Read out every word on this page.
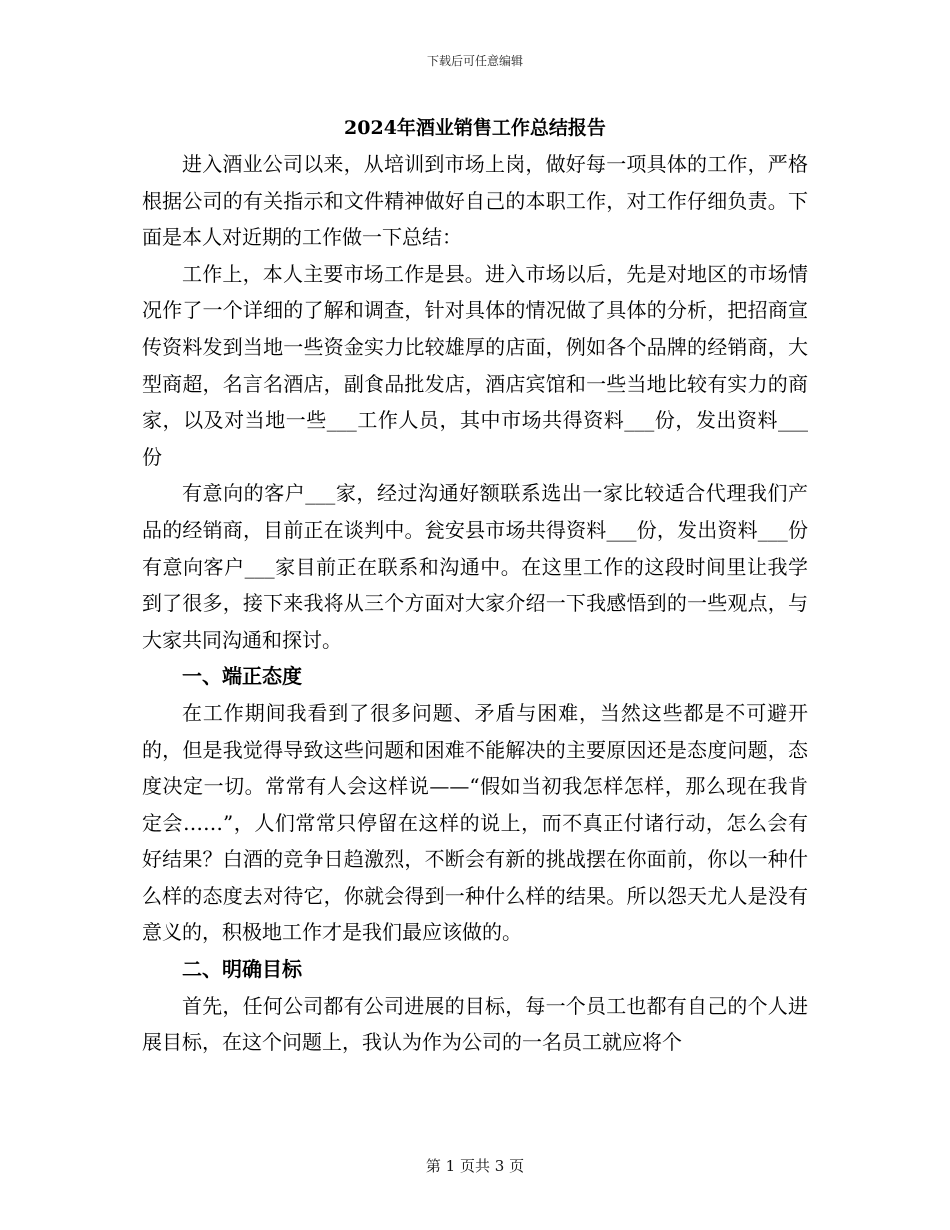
下载后可任意编辑
2024年酒业销售工作总结报告

进入酒业公司以来，从培训到市场上岗，做好每一项具体的工作，严格根据公司的有关指示和文件精神做好自己的本职工作，对工作仔细负责。下面是本人对近期的工作做一下总结：

工作上，本人主要市场工作是县。进入市场以后，先是对地区的市场情况作了一个详细的了解和调查，针对具体的情况做了具体的分析，把招商宣传资料发到当地一些资金实力比较雄厚的店面，例如各个品牌的经销商，大型商超，名言名酒店，副食品批发店，酒店宾馆和一些当地比较有实力的商家，以及对当地一些___工作人员，其中市场共得资料___份，发出资料___份

有意向的客户___家，经过沟通好额联系选出一家比较适合代理我们产品的经销商，目前正在谈判中。瓮安县市场共得资料___份，发出资料___份有意向客户___家目前正在联系和沟通中。在这里工作的这段时间里让我学到了很多，接下来我将从三个方面对大家介绍一下我感悟到的一些观点，与大家共同沟通和探讨。

一、端正态度

在工作期间我看到了很多问题、矛盾与困难，当然这些都是不可避开的，但是我觉得导致这些问题和困难不能解决的主要原因还是态度问题，态度决定一切。常常有人会这样说——“假如当初我怎样怎样，那么现在我肯定会……”，人们常常只停留在这样的说上，而不真正付诸行动，怎么会有好结果？白酒的竞争日趋激烈，不断会有新的挑战摆在你面前，你以一种什么样的态度去对待它，你就会得到一种什么样的结果。所以怨天尤人是没有意义的，积极地工作才是我们最应该做的。

二、明确目标

首先，任何公司都有公司进展的目标，每一个员工也都有自己的个人进展目标，在这个问题上，我认为作为公司的一名员工就应将个

第 1 页共 3 页
